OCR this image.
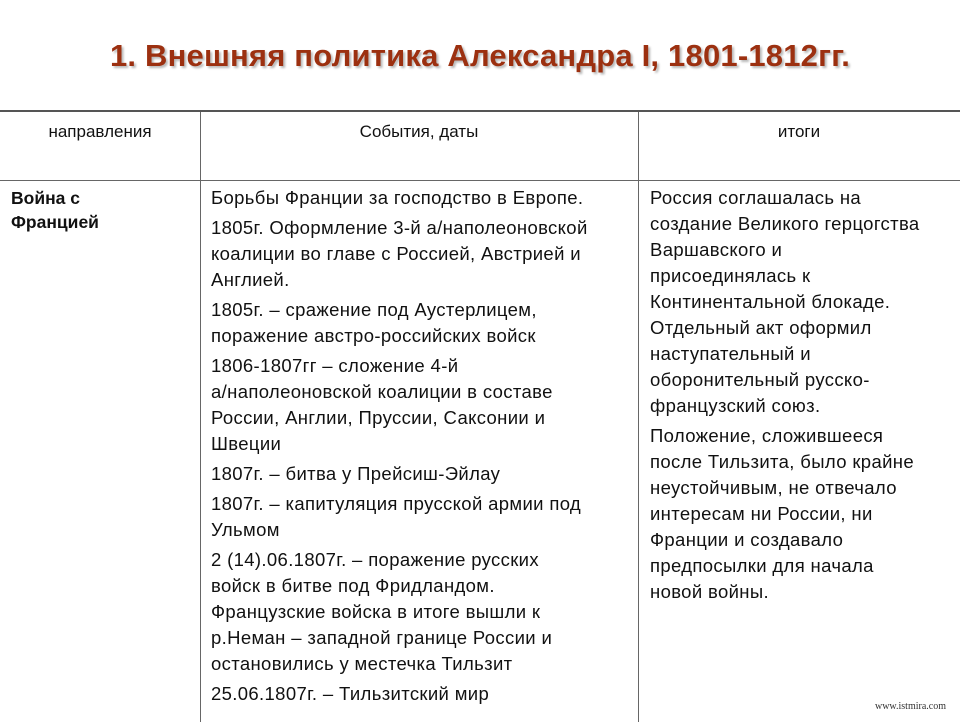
1. Внешняя политика Александра I, 1801-1812гг.
направления	События, даты	итоги
Война с
Францией

Борьбы Франции за господство в Европе.

1805г. Оформление 3-й а/наполеоновской
коалиции во главе с Россией, Австрией и
Англией.

1805г. – сражение под Аустерлицем,
поражение австро-российских войск

1806-1807гг – сложение 4-й
а/наполеоновской коалиции в составе
России, Англии, Пруссии, Саксонии и
Швеции

1807г. – битва у Прейсиш-Эйлау

1807г. – капитуляция прусской армии под
Ульмом

2 (14).06.1807г. – поражение русских
войск в битве под Фридландом.
Французские войска в итоге вышли к
р.Неман – западной границе России и
остановились у местечка Тильзит

25.06.1807г. – Тильзитский мир

Россия соглашалась на
создание Великого герцогства
Варшавского и
присоединялась к
Континентальной блокаде.
Отдельный акт оформил
наступательный и
оборонительный русско-
французский союз.

Положение, сложившееся
после Тильзита, было крайне
неустойчивым, не отвечало
интересам ни России, ни
Франции и создавало
предпосылки для начала
новой войны.

www.istmira.com
